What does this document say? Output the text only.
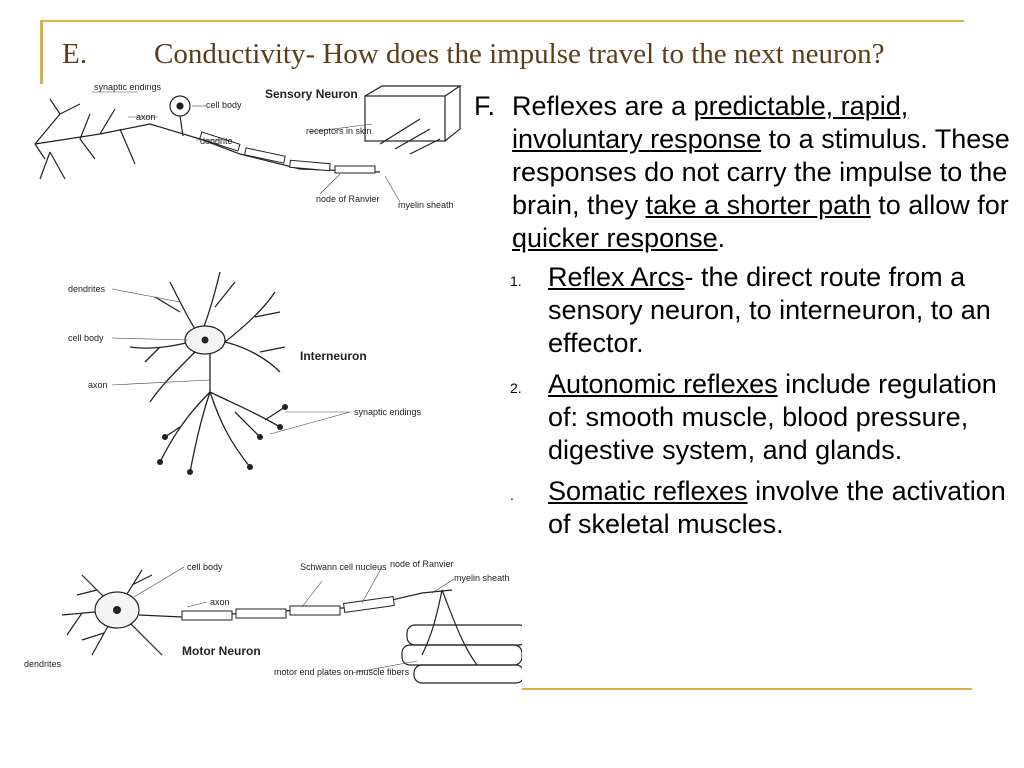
E. Conductivity- How does the impulse travel to the next neuron?
synaptic endings
axon
cell body
dendrite
Sensory Neuron
receptors in skin
node of Ranvier
myelin sheath
dendrites
cell body
axon
Interneuron
synaptic endings
cell body	Schwann cell nucleus node of Ranvier
myelin sheath
axon
Motor Neuron
dendrites
motor end plates on muscle fibers

F. Reflexes are a predictable, rapid, involuntary response to a stimulus. These responses do not carry the impulse to the brain, they take a shorter path to allow for quicker response.

1. Reflex Arcs- the direct route from a sensory neuron, to interneuron, to an effector.
2. Autonomic reflexes include regulation of: smooth muscle, blood pressure, digestive system, and glands.
. Somatic reflexes involve the activation of skeletal muscles.
